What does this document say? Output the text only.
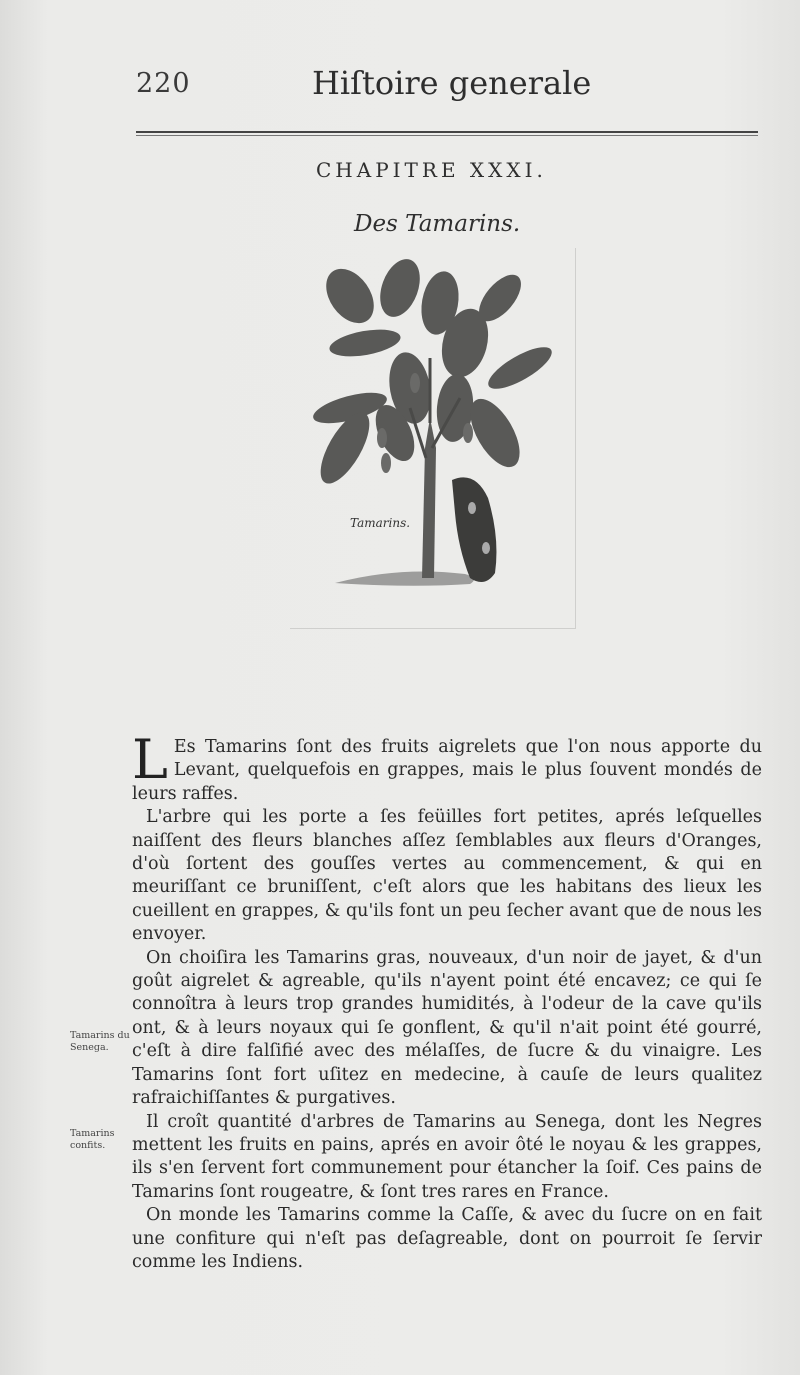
220	Hiſtoire generale
CHAPITRE XXXI.
Des Tamarins.
Tamarins.

L Es Tamarins ſont des fruits aigrelets que l'on nous apporte du Levant, quelquefois en grappes, mais le plus ſouvent mondés de leurs raffes.

L'arbre qui les porte a ſes feüilles fort petites, aprés leſquelles naiſſent des fleurs blanches aſſez ſemblables aux fleurs d'Oranges, d'où ſortent des gouſſes vertes au commencement, & qui en meuriſſant ce bruniſſent, c'eſt alors que les habitans des lieux les cueillent en grappes, & qu'ils font un peu ſecher avant que de nous les envoyer.

On choiſira les Tamarins gras, nouveaux, d'un noir de jayet, & d'un goût aigrelet & agreable, qu'ils n'ayent point été encavez; ce qui ſe connoîtra à leurs trop grandes humidités, à l'odeur de la cave qu'ils ont, & à leurs noyaux qui ſe gonflent, & qu'il n'ait point été gourré, c'eſt à dire falſifié avec des mélaſſes, de ſucre & du vinaigre. Les Tamarins ſont fort uſitez en medecine, à cauſe de leurs qualitez rafraichiſſantes & purgatives.

Il croît quantité d'arbres de Tamarins au Senega, dont les Negres mettent les fruits en pains, aprés en avoir ôté le noyau & les grappes, ils s'en ſervent fort communement pour étancher la ſoif. Ces pains de Tamarins ſont rougeatre, & ſont tres rares en France.

On monde les Tamarins comme la Caſſe, & avec du ſucre on en fait une confiture qui n'eſt pas deſagreable, dont on pourroit ſe ſervir comme les Indiens.

Tamarins du Senega.
Tamarins confits.
